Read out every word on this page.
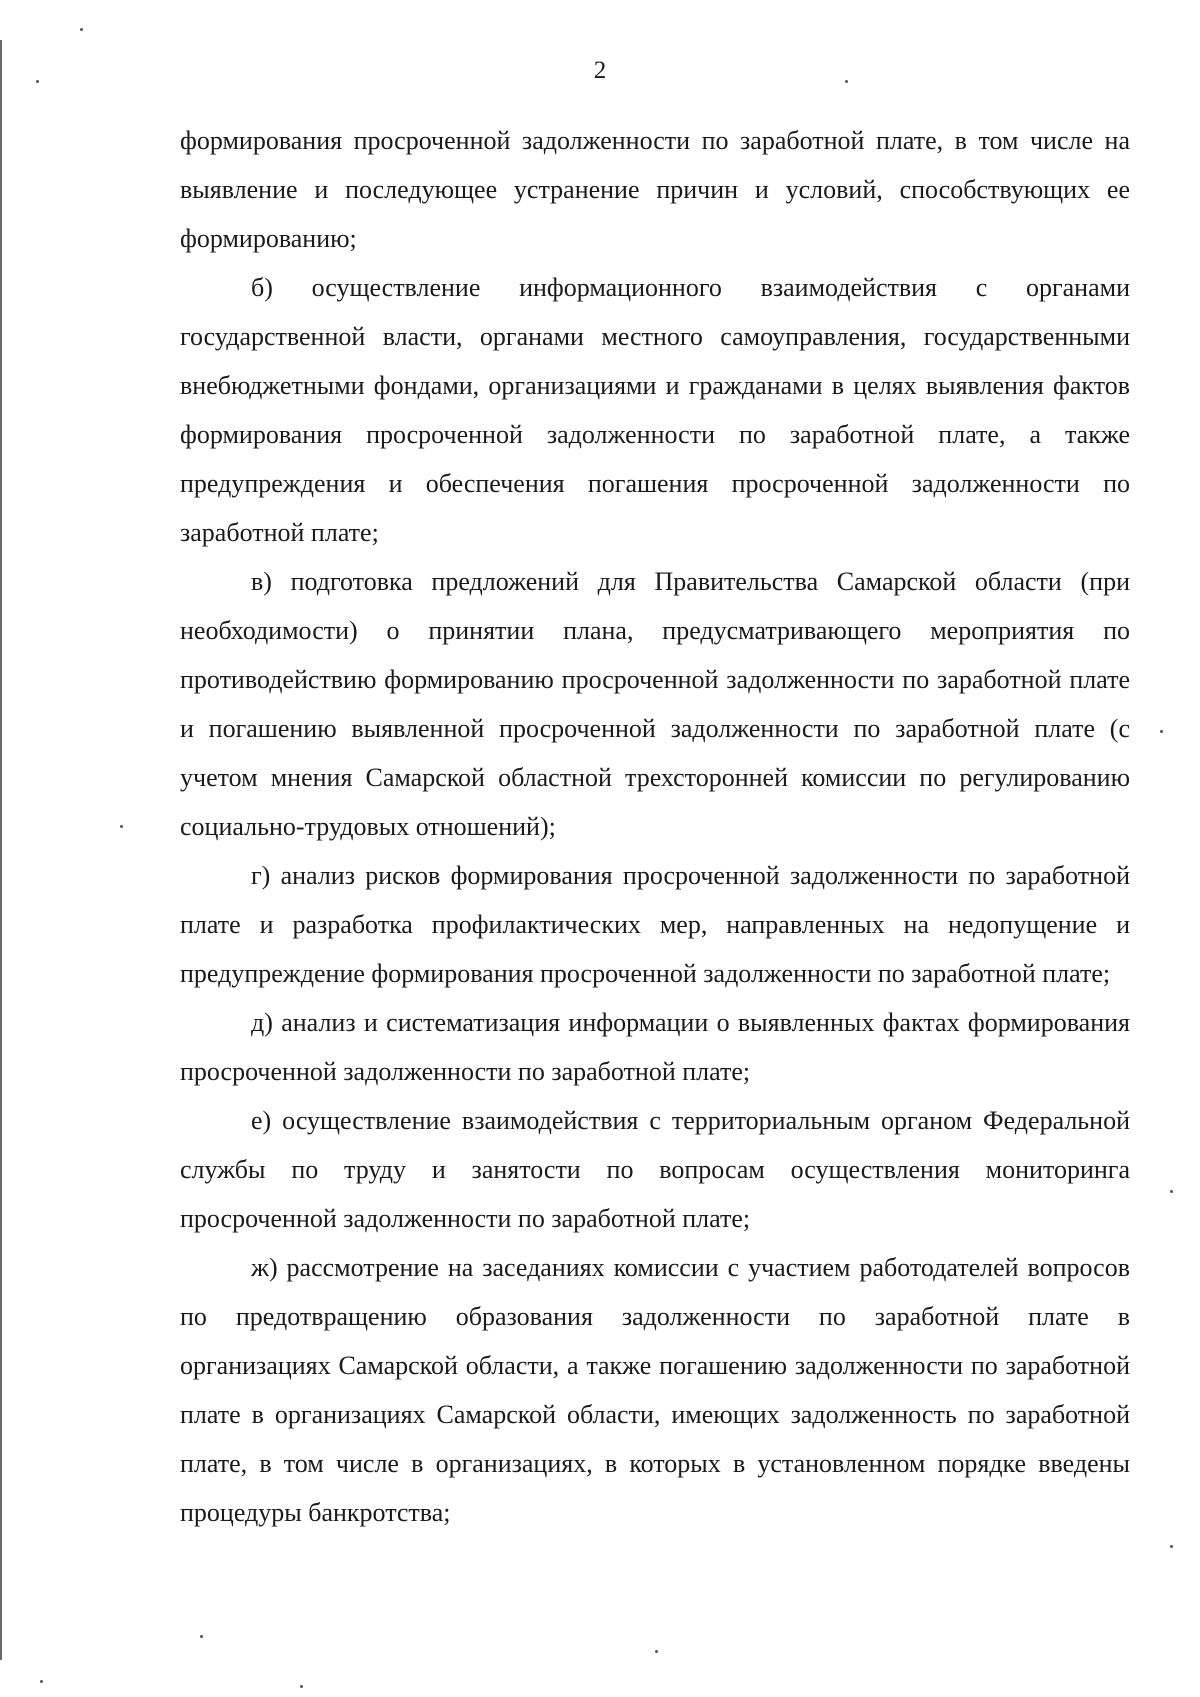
2

формирования просроченной задолженности по заработной плате, в том числе на выявление и последующее устранение причин и условий, способствующих ее формированию;

б) осуществление информационного взаимодействия с органами государственной власти, органами местного самоуправления, государственными внебюджетными фондами, организациями и гражданами в целях выявления фактов формирования просроченной задолженности по заработной плате, а также предупреждения и обеспечения погашения просроченной задолженности по заработной плате;

в) подготовка предложений для Правительства Самарской области (при необходимости) о принятии плана, предусматривающего мероприятия по противодействию формированию просроченной задолженности по заработной плате и погашению выявленной просроченной задолженности по заработной плате (с учетом мнения Самарской областной трехсторонней комиссии по регулированию социально-трудовых отношений);

г) анализ рисков формирования просроченной задолженности по заработной плате и разработка профилактических мер, направленных на недопущение и предупреждение формирования просроченной задолженности по заработной плате;

д) анализ и систематизация информации о выявленных фактах формирования просроченной задолженности по заработной плате;

е) осуществление взаимодействия с территориальным органом Федеральной службы по труду и занятости по вопросам осуществления мониторинга просроченной задолженности по заработной плате;

ж) рассмотрение на заседаниях комиссии с участием работодателей вопросов по предотвращению образования задолженности по заработной плате в организациях Самарской области, а также погашению задолженности по заработной плате в организациях Самарской области, имеющих задолженность по заработной плате, в том числе в организациях, в которых в установленном порядке введены процедуры банкротства;
